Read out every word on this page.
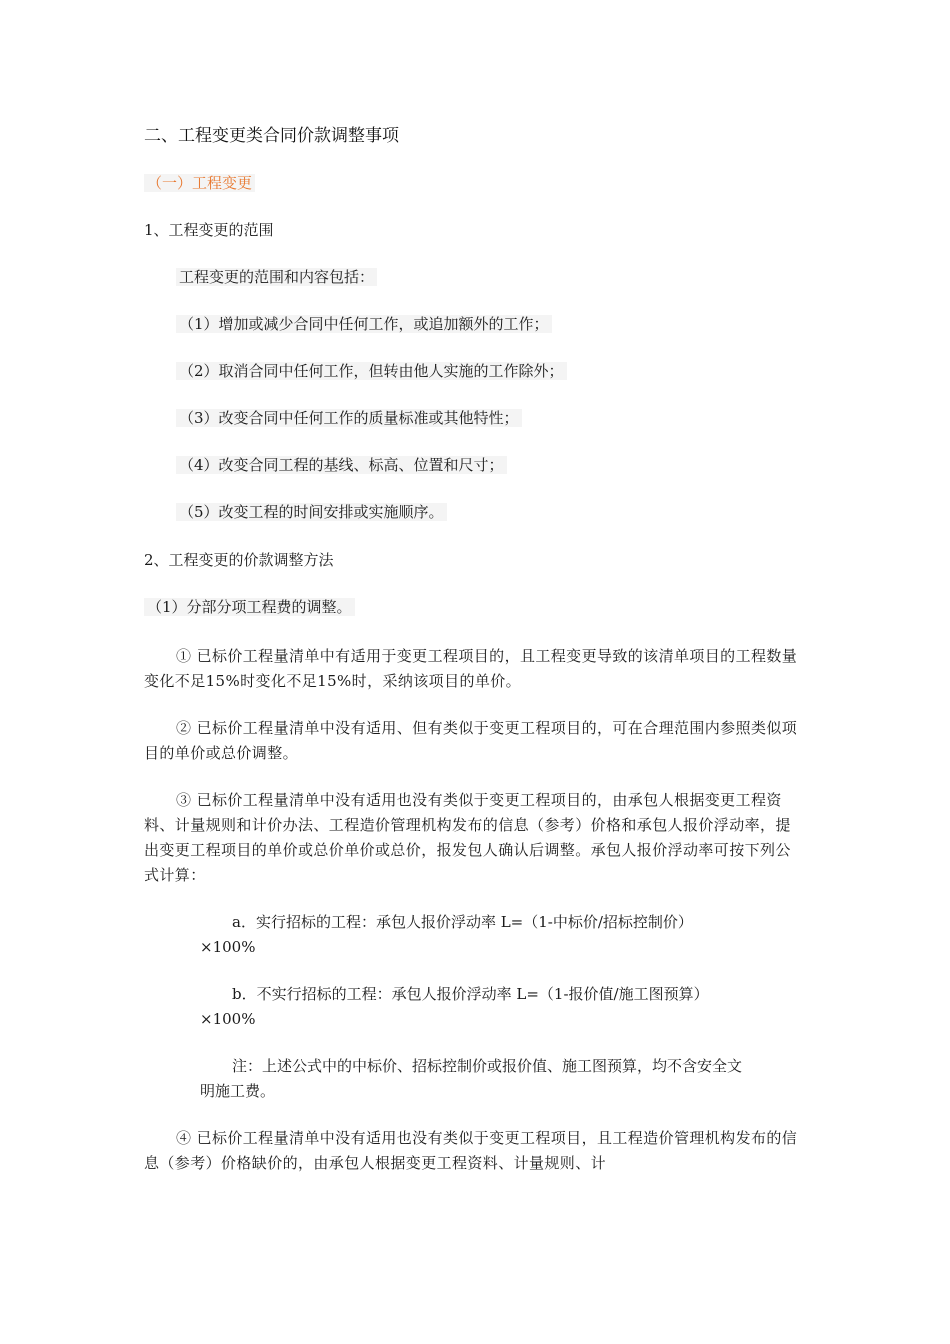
二、工程变更类合同价款调整事项
（一）工程变更
1、工程变更的范围
工程变更的范围和内容包括：
（1）增加或减少合同中任何工作，或追加额外的工作；
（2）取消合同中任何工作，但转由他人实施的工作除外；
（3）改变合同中任何工作的质量标准或其他特性；
（4）改变合同工程的基线、标高、位置和尺寸；
（5）改变工程的时间安排或实施顺序。
2、工程变更的价款调整方法
（1）分部分项工程费的调整。
① 已标价工程量清单中有适用于变更工程项目的，且工程变更导致的该清单项目的工程数量变化不足15%时变化不足15%时，采纳该项目的单价。
② 已标价工程量清单中没有适用、但有类似于变更工程项目的，可在合理范围内参照类似项目的单价或总价调整。
③ 已标价工程量清单中没有适用也没有类似于变更工程项目的，由承包人根据变更工程资料、计量规则和计价办法、工程造价管理机构发布的信息（参考）价格和承包人报价浮动率，提出变更工程项目的单价或总价单价或总价，报发包人确认后调整。承包人报价浮动率可按下列公式计算：
a．实行招标的工程：承包人报价浮动率 L=（1-中标价/招标控制价）×100%
b．不实行招标的工程：承包人报价浮动率 L=（1-报价值/施工图预算）×100%
注：上述公式中的中标价、招标控制价或报价值、施工图预算，均不含安全文明施工费。
④ 已标价工程量清单中没有适用也没有类似于变更工程项目，且工程造价管理机构发布的信息（参考）价格缺价的，由承包人根据变更工程资料、计量规则、计
